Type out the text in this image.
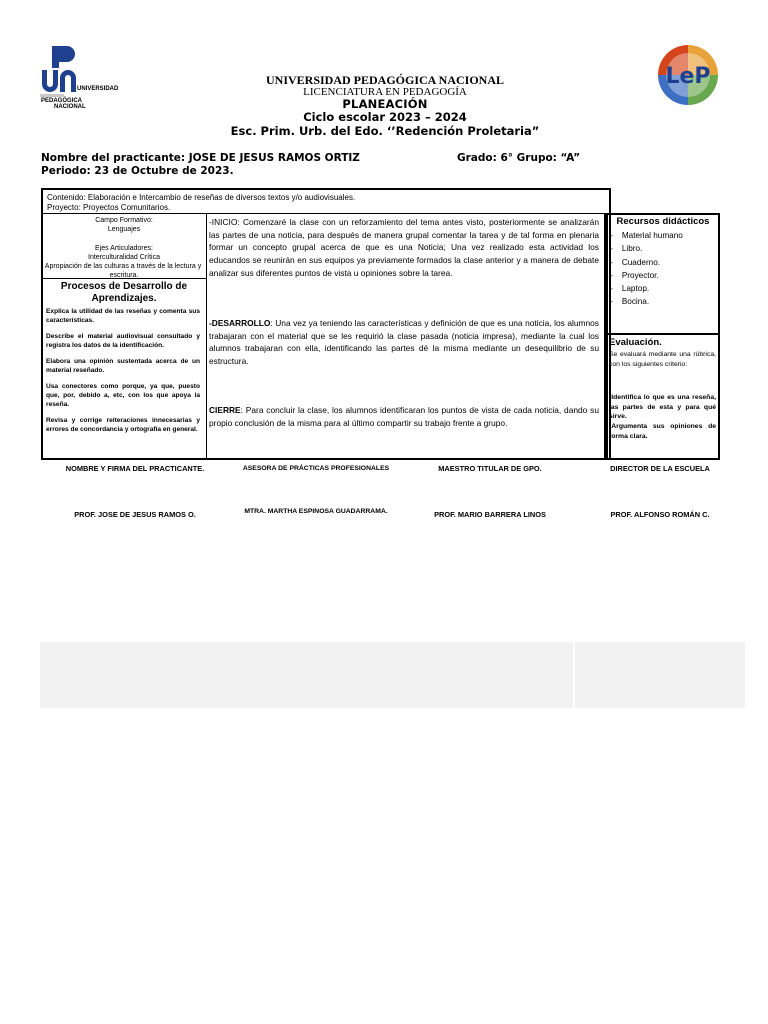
UNIVERSIDAD
PEDAGÓGICA
NACIONAL
LeP
UNIVERSIDAD PEDAGÓGICA NACIONAL
LICENCIATURA EN PEDAGOGÍA
PLANEACIÓN
Ciclo escolar 2023 – 2024
Esc. Prim. Urb. del Edo. ‘’Redención Proletaria”
Nombre del practicante: JOSE DE JESUS RAMOS ORTIZ	Grado: 6° Grupo: “A”
Periodo: 23 de Octubre de 2023.
Contenido: Elaboración e Intercambio de reseñas de diversos textos y/o audiovisuales.
Proyecto: Proyectos Comunitarios.
Campo Formativo:
Lenguajes
Ejes Articuladores:
Interculturalidad Crítica
Apropiación de las culturas a través de la lectura y
escritura.
Procesos de Desarrollo de
Aprendizajes.
Explica la utilidad de las reseñas y comenta sus características.
Describe el material audiovisual consultado y registra los datos de la identificación.
Elabora una opinión sustentada acerca de un material reseñado.
Usa conectores como porque, ya que, puesto que, por, debido a, etc, con los que apoya la reseña.
Revisa y corrige reiteraciones innecesarias y errores de concordancia y ortografía en general.
-INICIO: Comenzaré la clase con un reforzamiento del tema antes visto, posteriormente se analizarán las partes de una noticia, para después de manera grupal comentar la tarea y de tal forma en plenaria formar un concepto grupal acerca de que es una Noticia; Una vez realizado esta actividad los educandos se reunirán en sus equipos ya previamente formados la clase anterior y a manera de debate analizar sus diferentes puntos de vista u opiniones sobre la tarea.
-DESARROLLO: Una vez ya teniendo las características y definición de que es una noticia, los alumnos trabajaran con el material que se les requirió la clase pasada (noticia impresa), mediante la cual los alumnos trabajaran con ella, identificando las partes dé la misma mediante un desequilibrio de su estructura.
CIERRE: Para concluir la clase, los alumnos identificaran los puntos de vista de cada noticia, dando su propio conclusión de la misma para al último compartir su trabajo frente a grupo.
Recursos didácticos
-    Material humano
-    Libro.
-    Cuaderno.
-    Proyector.
-    Laptop.
-    Bocina.
Evaluación.
Se evaluará mediante una rúbrica, con los siguientes criterio:
-Identifica lo que es una reseña, las partes de esta y para qué sirve.
-Argumenta sus opiniones de forma clara.
NOMBRE Y FIRMA DEL PRACTICANTE.	ASESORA DE PRÁCTICAS PROFESIONALES	MAESTRO TITULAR DE GPO.	DIRECTOR DE LA ESCUELA
PROF. JOSE DE JESUS RAMOS O.	MTRA. MARTHA ESPINOSA GUADARRAMA.	PROF. MARIO BARRERA LINOS	PROF. ALFONSO ROMÁN C.
